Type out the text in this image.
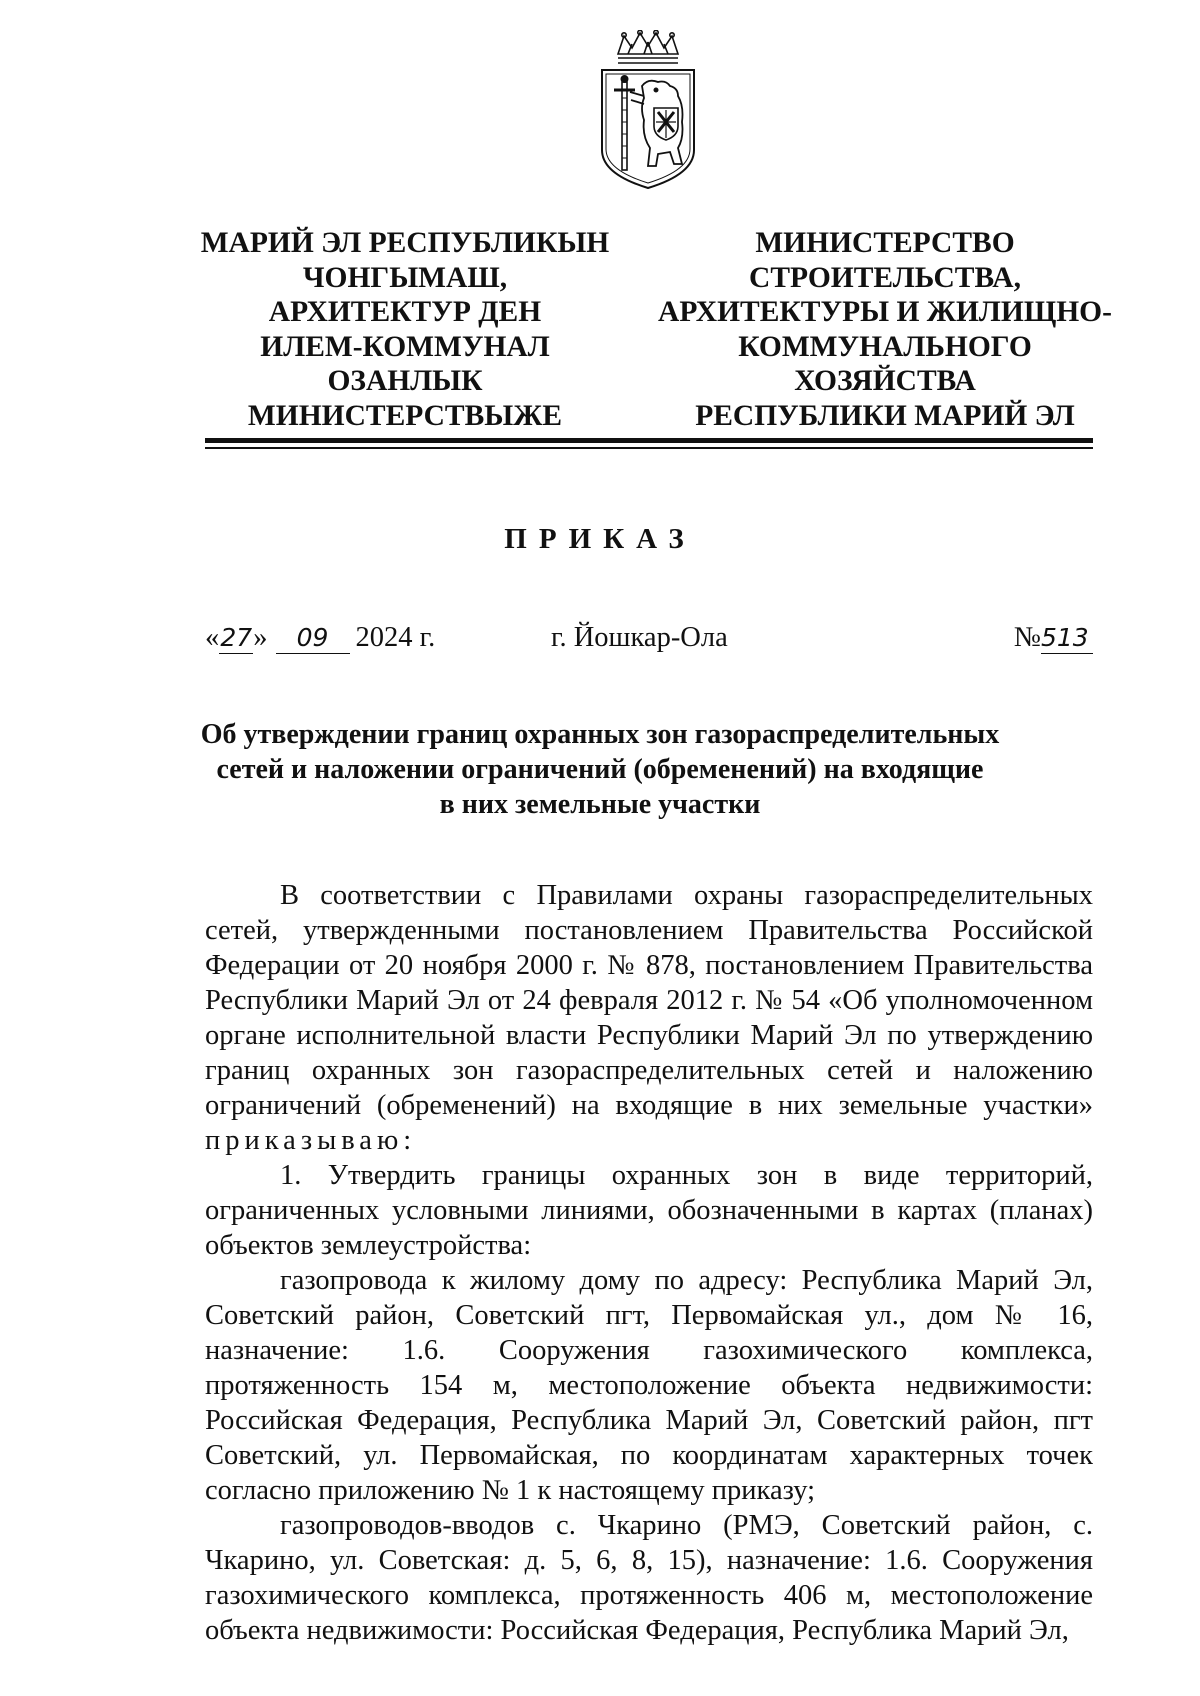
МАРИЙ ЭЛ РЕСПУБЛИКЫН
ЧОНГЫМАШ,
АРХИТЕКТУР ДЕН
ИЛЕМ-КОММУНАЛ
ОЗАНЛЫК
МИНИСТЕРСТВЫЖЕ
МИНИСТЕРСТВО
СТРОИТЕЛЬСТВА,
АРХИТЕКТУРЫ И ЖИЛИЩНО-
КОММУНАЛЬНОГО
ХОЗЯЙСТВА
РЕСПУБЛИКИ МАРИЙ ЭЛ
ПРИКАЗ
«27» 09 2024 г.	г. Йошкар-Ола	№513
Об утверждении границ охранных зон газораспределительных
сетей и наложении ограничений (обременений) на входящие
в них земельные участки

В соответствии с Правилами охраны газораспределительных сетей, утвержденными постановлением Правительства Российской Федерации от 20 ноября 2000 г. № 878, постановлением Правительства Республики Марий Эл от 24 февраля 2012 г. № 54 «Об уполномоченном органе исполнительной власти Республики Марий Эл по утверждению границ охранных зон газораспределительных сетей и наложению ограничений (обременений) на входящие в них земельные участки» приказываю:

1. Утвердить границы охранных зон в виде территорий, ограниченных условными линиями, обозначенными в картах (планах) объектов землеустройства:

газопровода к жилому дому по адресу: Республика Марий Эл, Советский район, Советский пгт, Первомайская ул., дом № 16, назначение: 1.6. Сооружения газохимического комплекса, протяженность 154 м, местоположение объекта недвижимости: Российская Федерация, Республика Марий Эл, Советский район, пгт Советский, ул. Первомайская, по координатам характерных точек согласно приложению № 1 к настоящему приказу;

газопроводов-вводов с. Чкарино (РМЭ, Советский район, с. Чкарино, ул. Советская: д. 5, 6, 8, 15), назначение: 1.6. Сооружения газохимического комплекса, протяженность 406 м, местоположение объекта недвижимости: Российская Федерация, Республика Марий Эл,
